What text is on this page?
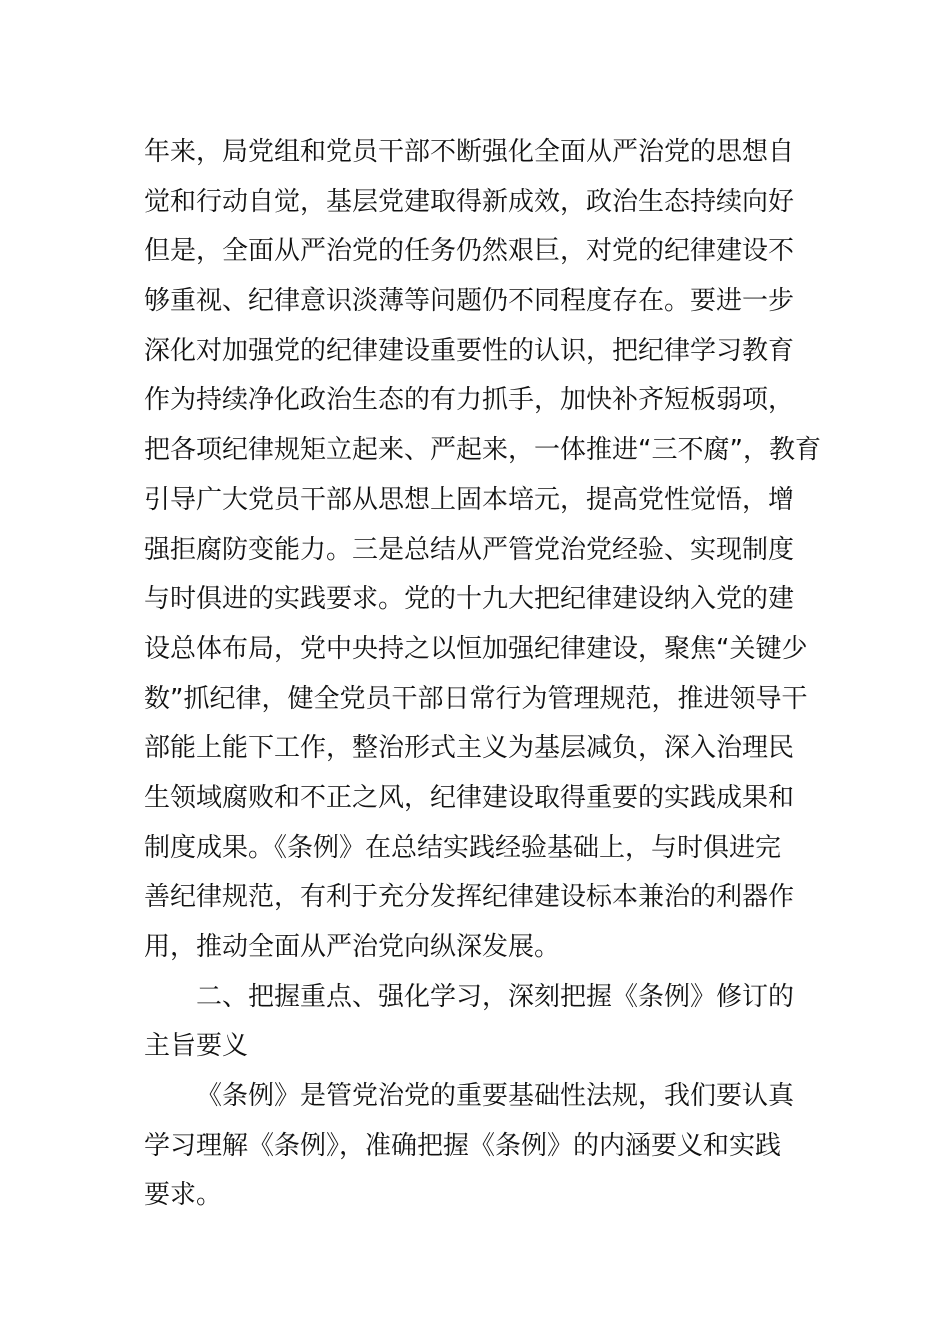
年来，局党组和党员干部不断强化全面从严治党的思想自
觉和行动自觉，基层党建取得新成效，政治生态持续向好
但是，全面从严治党的任务仍然艰巨，对党的纪律建设不
够重视、纪律意识淡薄等问题仍不同程度存在。要进一步
深化对加强党的纪律建设重要性的认识，把纪律学习教育
作为持续净化政治生态的有力抓手，加快补齐短板弱项，
把各项纪律规矩立起来、严起来，一体推进“三不腐”，教育
引导广大党员干部从思想上固本培元，提高党性觉悟，增
强拒腐防变能力。三是总结从严管党治党经验、实现制度
与时俱进的实践要求。党的十九大把纪律建设纳入党的建
设总体布局，党中央持之以恒加强纪律建设，聚焦“关键少
数”抓纪律，健全党员干部日常行为管理规范，推进领导干
部能上能下工作，整治形式主义为基层减负，深入治理民
生领域腐败和不正之风，纪律建设取得重要的实践成果和
制度成果。《条例》在总结实践经验基础上，与时俱进完
善纪律规范，有利于充分发挥纪律建设标本兼治的利器作
用，推动全面从严治党向纵深发展。
二、把握重点、强化学习，深刻把握《条例》修订的
主旨要义
《条例》是管党治党的重要基础性法规，我们要认真
学习理解《条例》，准确把握《条例》的内涵要义和实践
要求。
